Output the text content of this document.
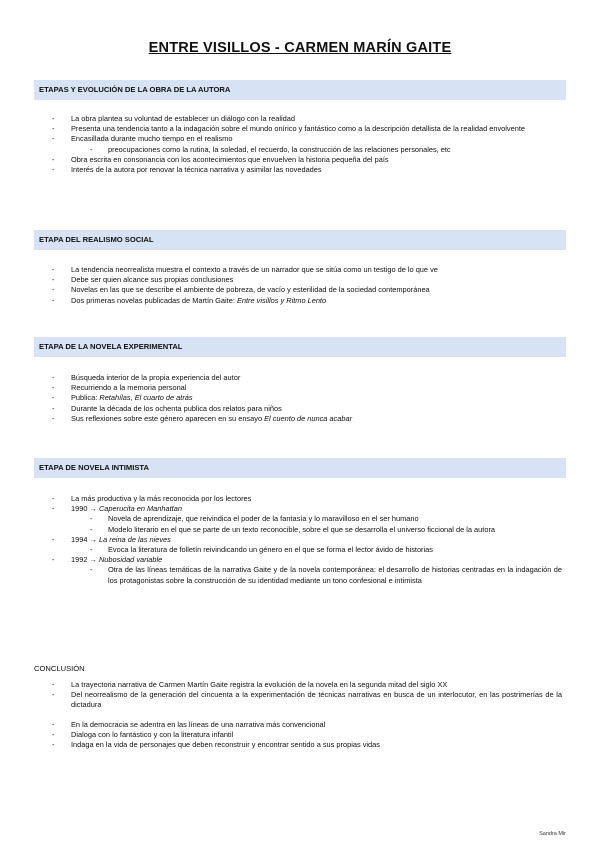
ENTRE VISILLOS - CARMEN MARÍN GAITE
ETAPAS Y EVOLUCIÓN DE LA OBRA DE LA AUTORA
- La obra plantea su voluntad de establecer un diálogo con la realidad
- Presenta una tendencia tanto a la indagación sobre el mundo onírico y fantástico como a la descripción detallista de la realidad envolvente
- Encasillada durante mucho tiempo en el realismo
- preocupaciones como la rutina, la soledad, el recuerdo, la construcción de las relaciones personales, etc
- Obra escrita en consonancia con los acontecimientos que envuelven la historia pequeña del país
- Interés de la autora por renovar la técnica narrativa y asimilar las novedades
ETAPA DEL REALISMO SOCIAL
- La tendencia neorrealista muestra el contexto a través de un narrador que se sitúa como un testigo de lo que ve
- Debe ser quien alcance sus propias conclusiones
- Novelas en las que se describe el ambiente de pobreza, de vacío y esterilidad de la sociedad contemporánea
- Dos primeras novelas publicadas de Martín Gaite: Entre visillos y Ritmo Lento
ETAPA DE LA NOVELA EXPERIMENTAL
- Búsqueda interior de la propia experiencia del autor
- Recurriendo a la memoria personal
- Publica: Retahílas, El cuarto de atrás
- Durante la década de los ochenta publica dos relatos para niños
- Sus reflexiones sobre este género aparecen en su ensayo El cuento de nunca acabar
ETAPA DE NOVELA INTIMISTA
- La más productiva y la más reconocida por los lectores
- 1990 → Caperucita en Manhattan
- Novela de aprendizaje, que reivindica el poder de la fantasía y lo maravilloso en el ser humano
- Modelo literario en el que se parte de un texto reconocible, sobre el que se desarrolla el universo ficcional de la autora
- 1994 → La reina de las nieves
- Evoca la literatura de folletín reivindicando un género en el que se forma el lector ávido de historias
- 1992 → Nubosidad variable
- Otra de las líneas temáticas de la narrativa Gaite y de la novela contemporánea: el desarrollo de historias centradas en la indagación de los protagonistas sobre la construcción de su identidad mediante un tono confesional e intimista
CONCLUSIÓN
- La trayectoria narrativa de Carmen Martín Gaite registra la evolución de la novela en la segunda mitad del siglo XX
- Del neorrealismo de la generación del cincuenta a la experimentación de técnicas narrativas en busca de un interlocutor, en las postrimerías de la dictadura
- En la democracia se adentra en las líneas de una narrativa más convencional
- Dialoga con lo fantástico y con la literatura infantil
- Indaga en la vida de personajes que deben reconstruir y encontrar sentido a sus propias vidas
Sandra Mir
